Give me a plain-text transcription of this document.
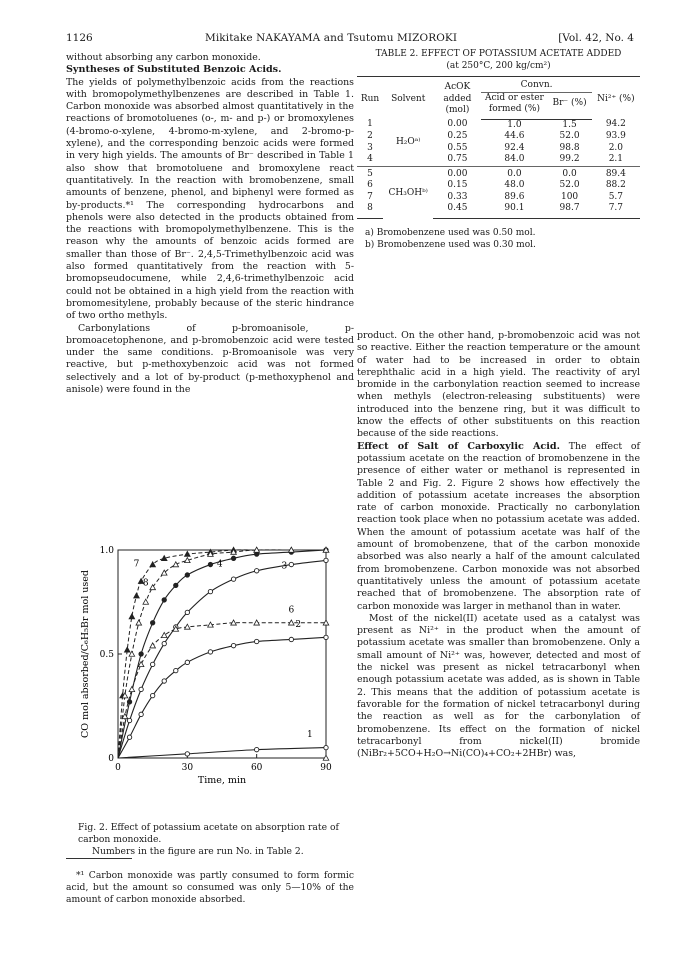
1126	Mikitake NAKAYAMA and Tsutomu MIZOROKI	[Vol. 42, No. 4

without absorbing any carbon monoxide.

Syntheses of Substituted Benzoic Acids.

The yields of polymethylbenzoic acids from the reactions with bromopolymethylbenzenes are described in Table 1. Carbon monoxide was absorbed almost quantitatively in the reactions of bromotoluenes (o-, m- and p-) or bromoxylenes (4-bromo-o-xylene, 4-bromo-m-xylene, and 2-bromo-p-xylene), and the corresponding benzoic acids were formed in very high yields. The amounts of Br⁻ described in Table 1 also show that bromotoluene and bromoxylene react quantitatively. In the reaction with bromobenzene, small amounts of benzene, phenol, and biphenyl were formed as by-products.*¹ The corresponding hydrocarbons and phenols were also detected in the products obtained from the reactions with bromopolymethylbenzene. This is the reason why the amounts of benzoic acids formed are smaller than those of Br⁻. 2,4,5-Trimethylbenzoic acid was also formed quantitatively from the reaction with 5-bromopseudocumene, while 2,4,6-trimethylbenzoic acid could not be obtained in a high yield from the reaction with bromomesitylene, probably because of the steric hindrance of two ortho methyls.

Carbonylations of p-bromoanisole, p-bromoacetophenone, and p-bromobenzoic acid were tested under the same conditions. p-Bromoanisole was very reactive, but p-methoxybenzoic acid was not formed selectively and a lot of by-product (p-methoxyphenol and anisole) were found in the

TABLE 2. EFFECT OF POTASSIUM ACETATE ADDED
(at 250°C, 200 kg/cm²)
Run	Solvent	AcOK added (mol)	Convn.		Ni²⁺ (%)
			Acid or ester formed (%)	Br⁻ (%)	
1	H₂Oᵃ⁾	0.00	1.0	1.5	94.2
2		0.25	44.6	52.0	93.9
3		0.55	92.4	98.8	2.0
4		0.75	84.0	99.2	2.1
5	CH₃OHᵇ⁾	0.00	0.0	0.0	89.4
6		0.15	48.0	52.0	88.2
7		0.33	89.6	100	5.7
8		0.45	90.1	98.7	7.7
a) Bromobenzene used was 0.50 mol.
b) Bromobenzene used was 0.30 mol.

product. On the other hand, p-bromobenzoic acid was not so reactive. Either the reaction temperature or the amount of water had to be increased in order to obtain terephthalic acid in a high yield. The reactivity of aryl bromide in the carbonylation reaction seemed to increase when methyls (electron-releasing substituents) were introduced into the benzene ring, but it was difficult to know the effects of other substituents on this reaction because of the side reactions.

Effect of Salt of Carboxylic Acid. The effect of potassium acetate on the reaction of bromobenzene in the presence of either water or methanol is represented in Table 2 and Fig. 2. Figure 2 shows how effectively the addition of potassium acetate increases the absorption rate of carbon monoxide. Practically no carbonylation reaction took place when no potassium acetate was added. When the amount of potassium acetate was half of the amount of bromobenzene, that of the carbon monoxide absorbed was also nearly a half of the amount calculated from bromobenzene. Carbon monoxide was not absorbed quantitatively unless the amount of potassium acetate reached that of bromobenzene. The absorption rate of carbon monoxide was larger in methanol than in water.

Most of the nickel(II) acetate used as a catalyst was present as Ni²⁺ in the product when the amount of potassium acetate was smaller than bromobenzene. Only a small amount of Ni²⁺ was, however, detected and most of the nickel was present as nickel tetracarbonyl when enough potassium acetate was added, as is shown in Table 2. This means that the addition of potassium acetate is favorable for the formation of nickel tetracarbonyl during the reaction as well as for the carbonylation of bromobenzene. Its effect on the formation of nickel tetracarbonyl from nickel(II) bromide (NiBr₂+5CO+H₂O→Ni(CO)₄+CO₂+2HBr) was,

0	30	60	90
0
0.5
1.0
Time, min
CO mol absorbed/C₆H₅Br mol used	1
2
3
4
6
7
8
Fig. 2. Effect of potassium acetate on absorption rate of carbon monoxide.
Numbers in the figure are run No. in Table 2.
*¹ Carbon monoxide was partly consumed to form formic acid, but the amount so consumed was only 5—10% of the amount of carbon monoxide absorbed.
